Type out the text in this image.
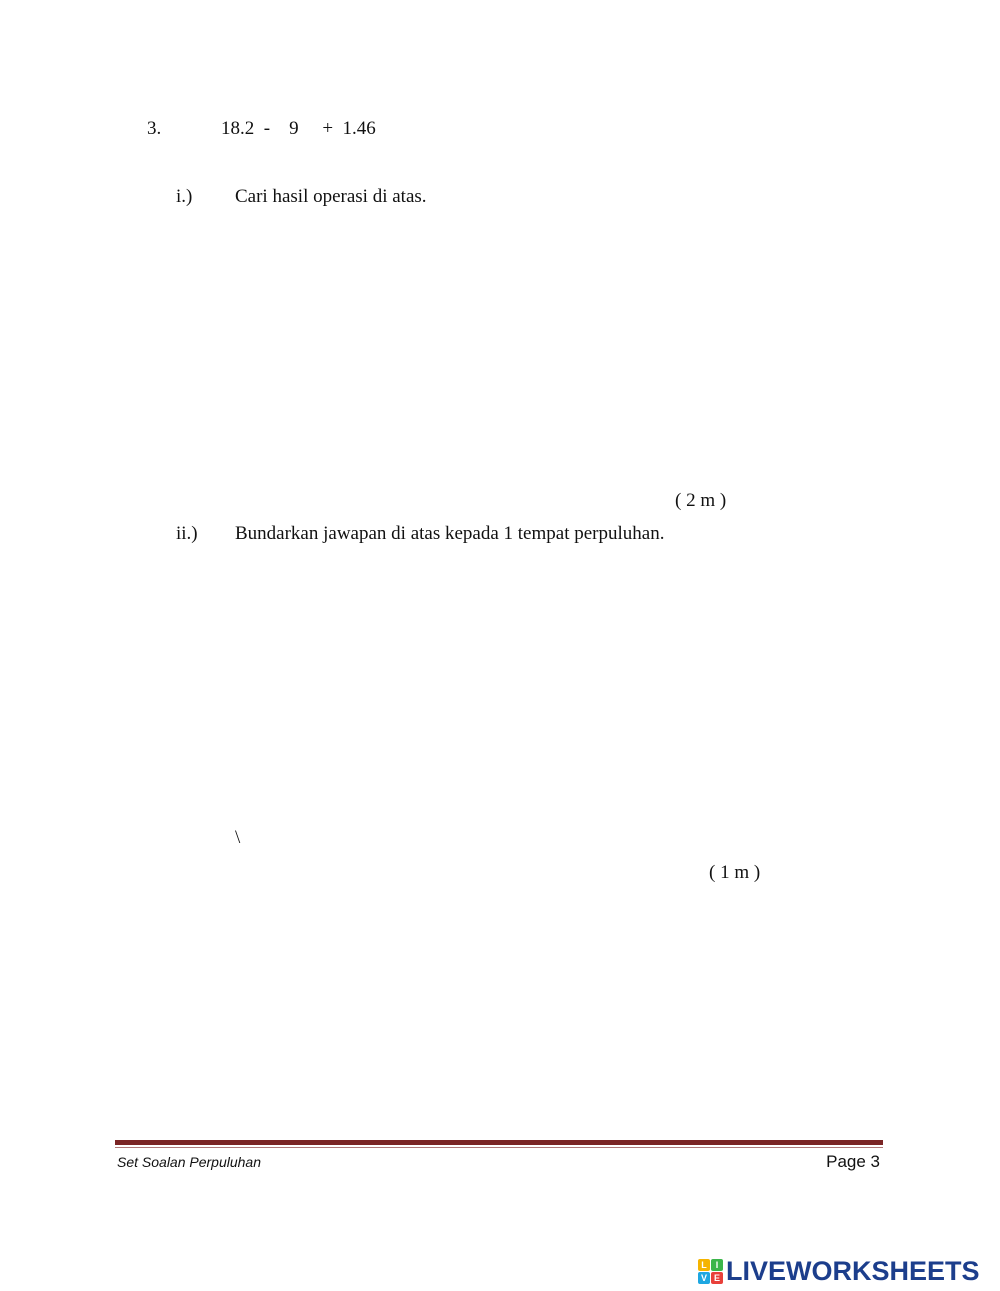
3.	18.2  -    9     +  1.46
i.) Cari hasil operasi di atas.
( 2 m )
ii.) Bundarkan jawapan di atas kepada 1 tempat perpuluhan.
\
( 1 m )
Set Soalan Perpuluhan	Page 3
L I
V E LIVEWORKSHEETS
